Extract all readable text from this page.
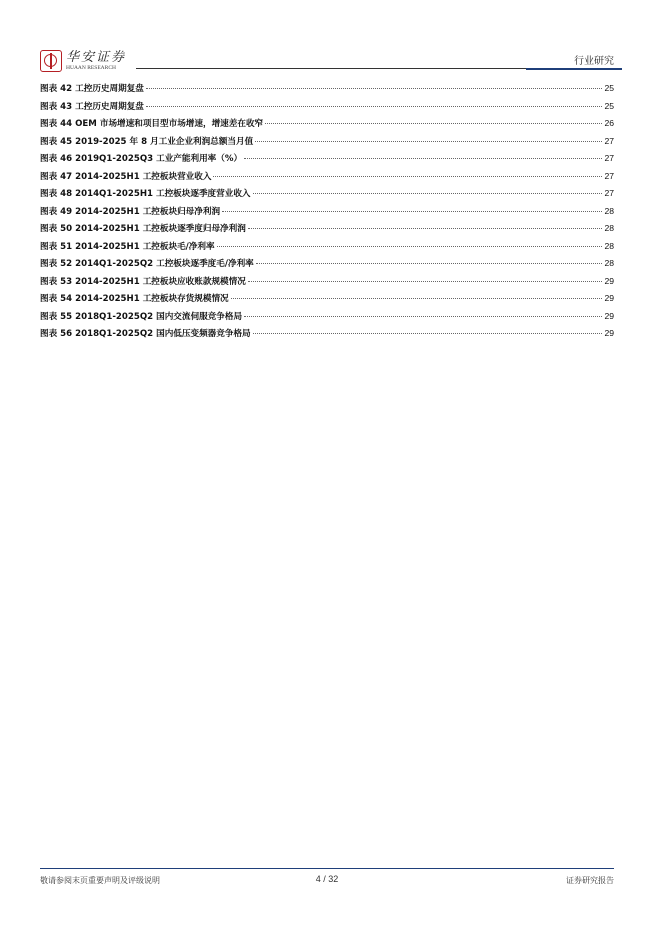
华安证券
HUAAN RESEARCH
行业研究
图表 42 工控历史周期复盘	25
图表 43 工控历史周期复盘	25
图表 44 OEM 市场增速和项目型市场增速，增速差在收窄	26
图表 45 2019-2025 年 8 月工业企业利润总额当月值	27
图表 46 2019Q1-2025Q3 工业产能利用率（%）	27
图表 47 2014-2025H1 工控板块营业收入	27
图表 48 2014Q1-2025H1 工控板块逐季度营业收入	27
图表 49 2014-2025H1 工控板块归母净利润	28
图表 50 2014-2025H1 工控板块逐季度归母净利润	28
图表 51 2014-2025H1 工控板块毛/净利率	28
图表 52 2014Q1-2025Q2 工控板块逐季度毛/净利率	28
图表 53 2014-2025H1 工控板块应收账款规模情况	29
图表 54 2014-2025H1 工控板块存货规模情况	29
图表 55 2018Q1-2025Q2 国内交流伺服竞争格局	29
图表 56 2018Q1-2025Q2 国内低压变频器竞争格局	29
敬请参阅末页重要声明及评级说明	4 / 32	证券研究报告
